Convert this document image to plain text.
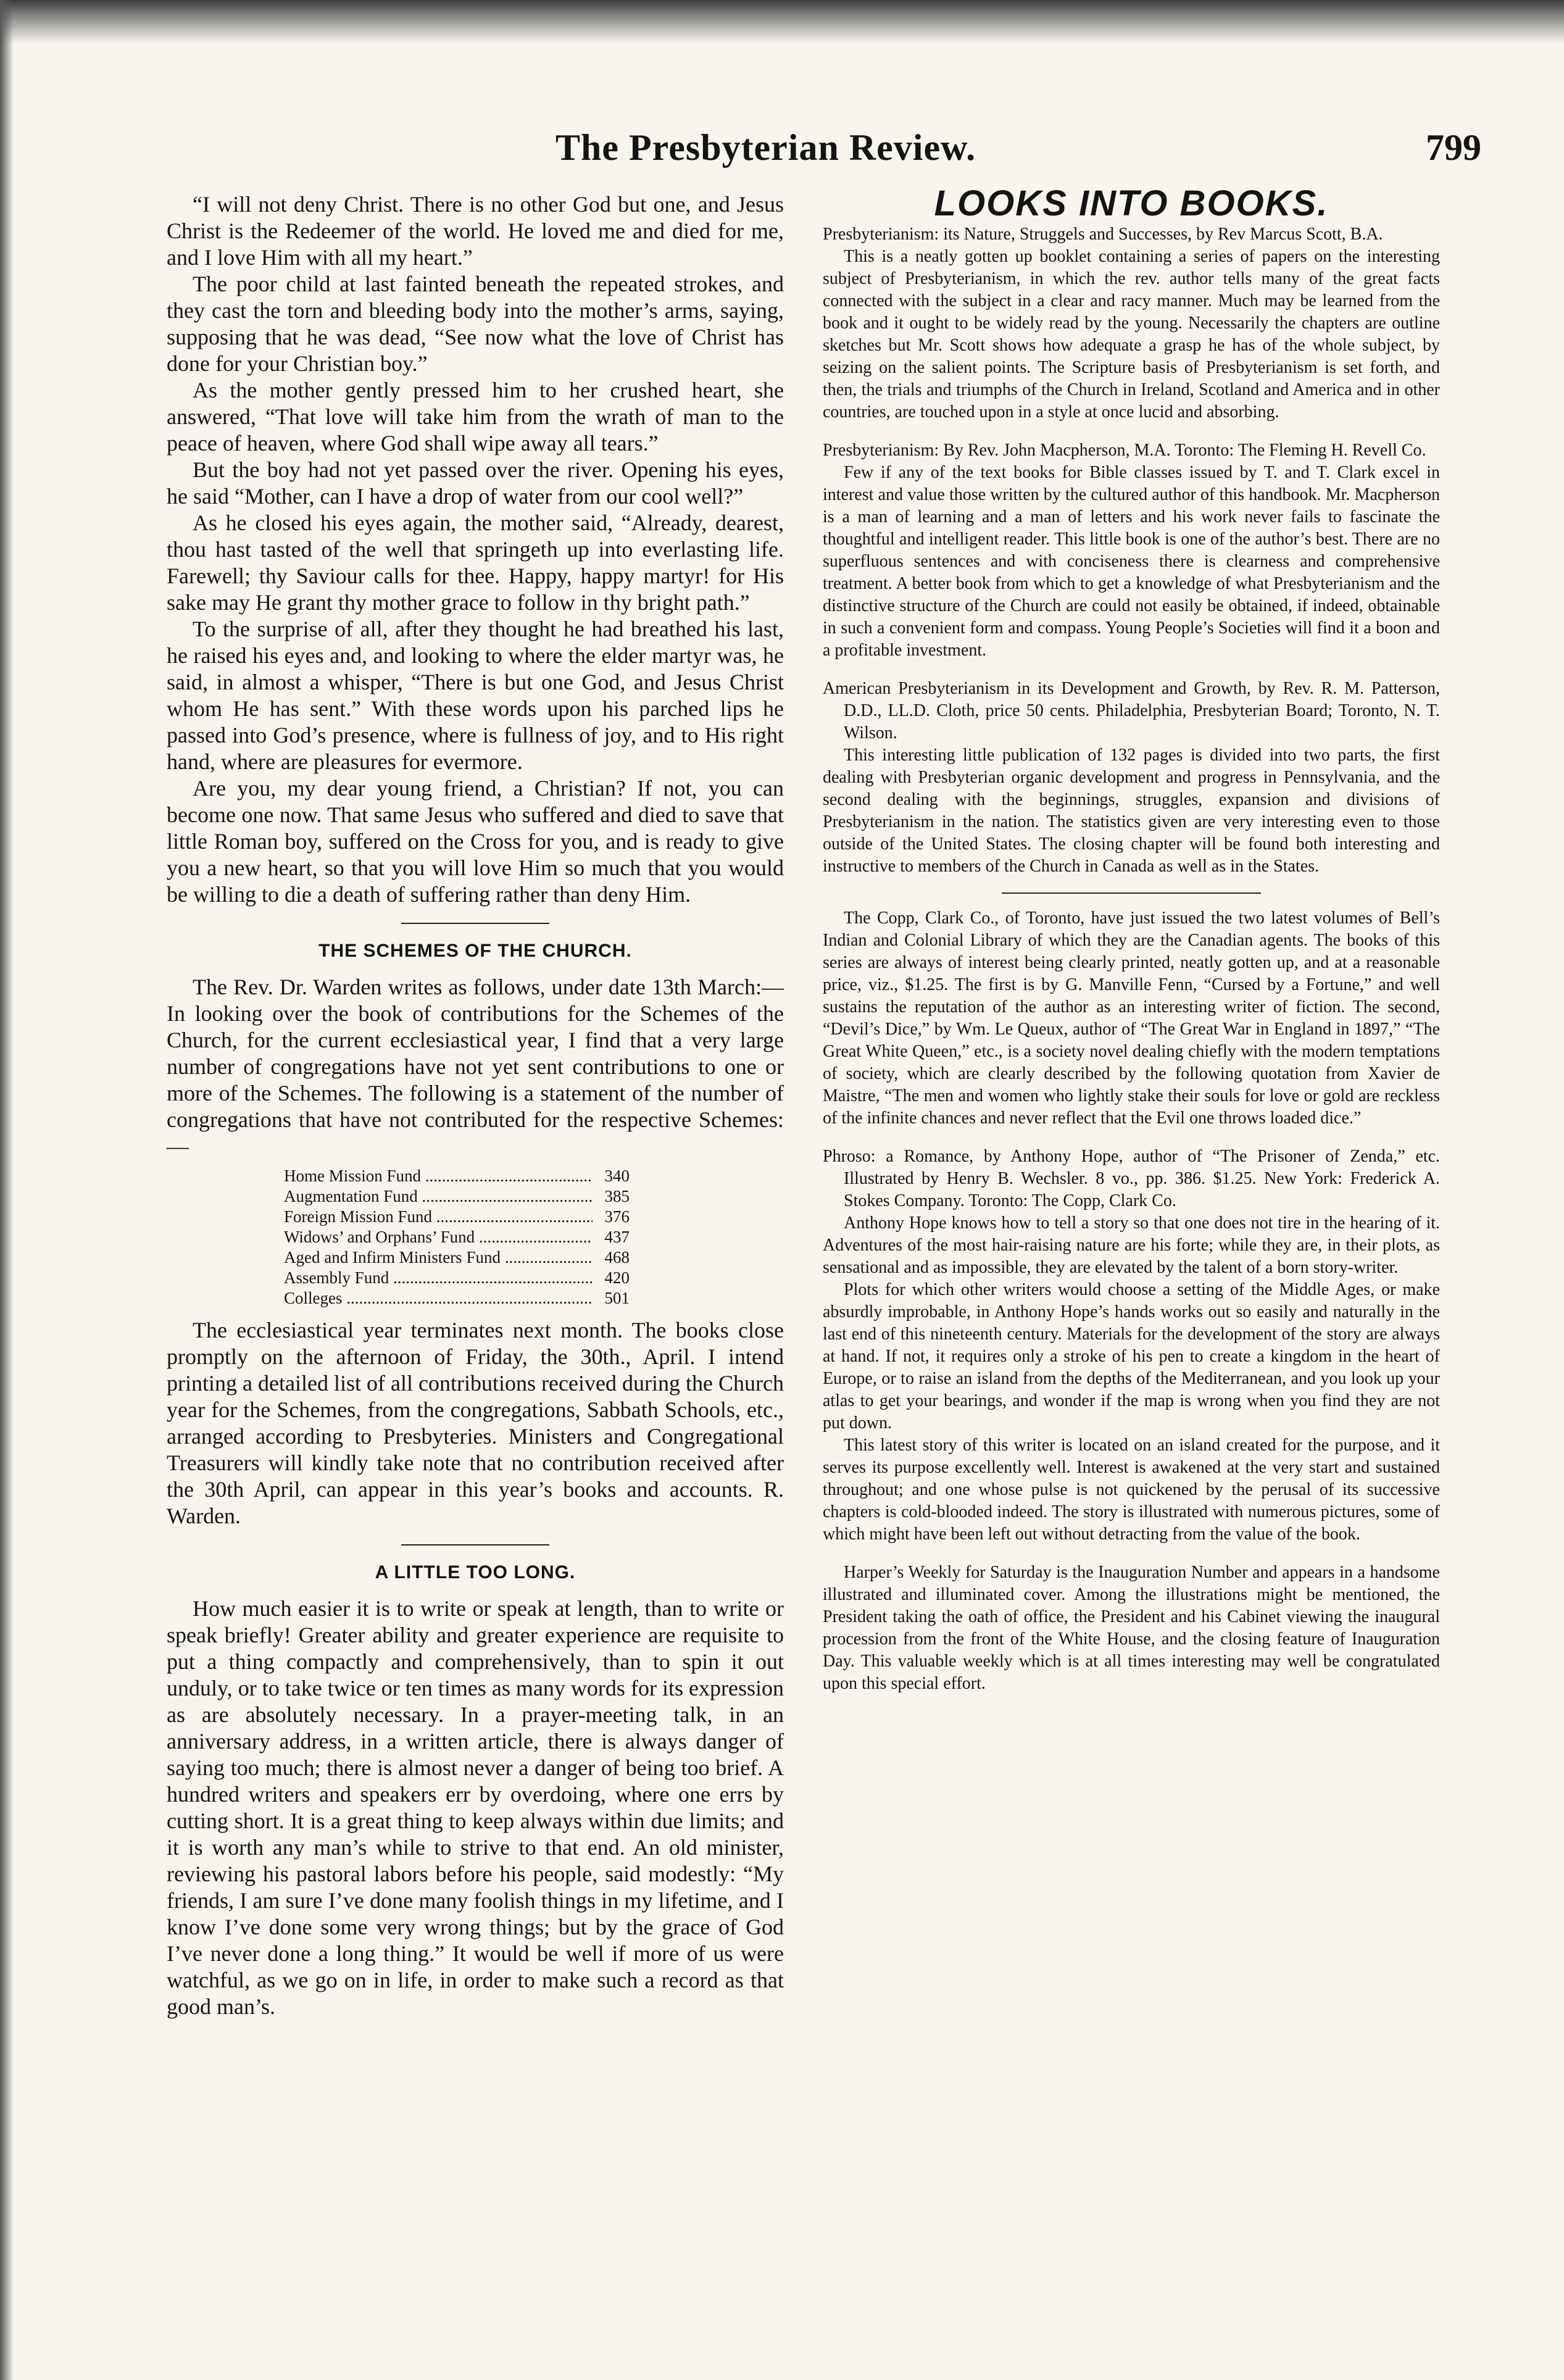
The Presbyterian Review.	799

“I will not deny Christ. There is no other God but one, and Jesus Christ is the Redeemer of the world. He loved me and died for me, and I love Him with all my heart.”

The poor child at last fainted beneath the repeated strokes, and they cast the torn and bleeding body into the mother’s arms, saying, supposing that he was dead, “See now what the love of Christ has done for your Christian boy.”

As the mother gently pressed him to her crushed heart, she answered, “That love will take him from the wrath of man to the peace of heaven, where God shall wipe away all tears.”

But the boy had not yet passed over the river. Opening his eyes, he said “Mother, can I have a drop of water from our cool well?”

As he closed his eyes again, the mother said, “Already, dearest, thou hast tasted of the well that springeth up into everlasting life. Farewell; thy Saviour calls for thee. Happy, happy martyr! for His sake may He grant thy mother grace to follow in thy bright path.”

To the surprise of all, after they thought he had breathed his last, he raised his eyes and, and looking to where the elder martyr was, he said, in almost a whisper, “There is but one God, and Jesus Christ whom He has sent.” With these words upon his parched lips he passed into God’s presence, where is fullness of joy, and to His right hand, where are pleasures for evermore.

Are you, my dear young friend, a Christian? If not, you can become one now. That same Jesus who suffered and died to save that little Roman boy, suffered on the Cross for you, and is ready to give you a new heart, so that you will love Him so much that you would be willing to die a death of suffering rather than deny Him.

THE SCHEMES OF THE CHURCH.

The Rev. Dr. Warden writes as follows, under date 13th March:—In looking over the book of contributions for the Schemes of the Church, for the current ecclesiastical year, I find that a very large number of congregations have not yet sent contributions to one or more of the Schemes. The following is a statement of the number of congregations that have not contributed for the respective Schemes:—

Home Mission Fund .....	340
Augmentation Fund .....	385
Foreign Mission Fund .....	376
Widows’ and Orphans’ Fund .....	437
Aged and Infirm Ministers Fund .....	468
Assembly Fund .....	420
Colleges .....	501

The ecclesiastical year terminates next month. The books close promptly on the afternoon of Friday, the 30th., April. I intend printing a detailed list of all contributions received during the Church year for the Schemes, from the congregations, Sabbath Schools, etc., arranged according to Presbyteries. Ministers and Congregational Treasurers will kindly take note that no contribution received after the 30th April, can appear in this year’s books and accounts. R. Warden.

A LITTLE TOO LONG.

How much easier it is to write or speak at length, than to write or speak briefly! Greater ability and greater experience are requisite to put a thing compactly and comprehensively, than to spin it out unduly, or to take twice or ten times as many words for its expression as are absolutely necessary. In a prayer-meeting talk, in an anniversary address, in a written article, there is always danger of saying too much; there is almost never a danger of being too brief. A hundred writers and speakers err by overdoing, where one errs by cutting short. It is a great thing to keep always within due limits; and it is worth any man’s while to strive to that end. An old minister, reviewing his pastoral labors before his people, said modestly: “My friends, I am sure I’ve done many foolish things in my lifetime, and I know I’ve done some very wrong things; but by the grace of God I’ve never done a long thing.” It would be well if more of us were watchful, as we go on in life, in order to make such a record as that good man’s.

LOOKS INTO BOOKS.

Presbyterianism: its Nature, Struggels and Successes, by Rev Marcus Scott, B.A.

This is a neatly gotten up booklet containing a series of papers on the interesting subject of Presbyterianism, in which the rev. author tells many of the great facts connected with the subject in a clear and racy manner. Much may be learned from the book and it ought to be widely read by the young. Necessarily the chapters are outline sketches but Mr. Scott shows how adequate a grasp he has of the whole subject, by seizing on the salient points. The Scripture basis of Presbyterianism is set forth, and then, the trials and triumphs of the Church in Ireland, Scotland and America and in other countries, are touched upon in a style at once lucid and absorbing.

Presbyterianism: By Rev. John Macpherson, M.A. Toronto: The Fleming H. Revell Co.

Few if any of the text books for Bible classes issued by T. and T. Clark excel in interest and value those written by the cultured author of this handbook. Mr. Macpherson is a man of learning and a man of letters and his work never fails to fascinate the thoughtful and intelligent reader. This little book is one of the author’s best. There are no superfluous sentences and with conciseness there is clearness and comprehensive treatment. A better book from which to get a knowledge of what Presbyterianism and the distinctive structure of the Church are could not easily be obtained, if indeed, obtainable in such a convenient form and compass. Young People’s Societies will find it a boon and a profitable investment.

American Presbyterianism in its Development and Growth, by Rev. R. M. Patterson, D.D., LL.D. Cloth, price 50 cents. Philadelphia, Presbyterian Board; Toronto, N. T. Wilson.

This interesting little publication of 132 pages is divided into two parts, the first dealing with Presbyterian organic development and progress in Pennsylvania, and the second dealing with the beginnings, struggles, expansion and divisions of Presbyterianism in the nation. The statistics given are very interesting even to those outside of the United States. The closing chapter will be found both interesting and instructive to members of the Church in Canada as well as in the States.

The Copp, Clark Co., of Toronto, have just issued the two latest volumes of Bell’s Indian and Colonial Library of which they are the Canadian agents. The books of this series are always of interest being clearly printed, neatly gotten up, and at a reasonable price, viz., $1.25. The first is by G. Manville Fenn, “Cursed by a Fortune,” and well sustains the reputation of the author as an interesting writer of fiction. The second, “Devil’s Dice,” by Wm. Le Queux, author of “The Great War in England in 1897,” “The Great White Queen,” etc., is a society novel dealing chiefly with the modern temptations of society, which are clearly described by the following quotation from Xavier de Maistre, “The men and women who lightly stake their souls for love or gold are reckless of the infinite chances and never reflect that the Evil one throws loaded dice.”

Phroso: a Romance, by Anthony Hope, author of “The Prisoner of Zenda,” etc. Illustrated by Henry B. Wechsler. 8 vo., pp. 386. $1.25. New York: Frederick A. Stokes Company. Toronto: The Copp, Clark Co.

Anthony Hope knows how to tell a story so that one does not tire in the hearing of it. Adventures of the most hair-raising nature are his forte; while they are, in their plots, as sensational and as impossible, they are elevated by the talent of a born story-writer.

Plots for which other writers would choose a setting of the Middle Ages, or make absurdly improbable, in Anthony Hope’s hands works out so easily and naturally in the last end of this nineteenth century. Materials for the development of the story are always at hand. If not, it requires only a stroke of his pen to create a kingdom in the heart of Europe, or to raise an island from the depths of the Mediterranean, and you look up your atlas to get your bearings, and wonder if the map is wrong when you find they are not put down.

This latest story of this writer is located on an island created for the purpose, and it serves its purpose excellently well. Interest is awakened at the very start and sustained throughout; and one whose pulse is not quickened by the perusal of its successive chapters is cold-blooded indeed. The story is illustrated with numerous pictures, some of which might have been left out without detracting from the value of the book.

Harper’s Weekly for Saturday is the Inauguration Number and appears in a handsome illustrated and illuminated cover. Among the illustrations might be mentioned, the President taking the oath of office, the President and his Cabinet viewing the inaugural procession from the front of the White House, and the closing feature of Inauguration Day. This valuable weekly which is at all times interesting may well be congratulated upon this special effort.
